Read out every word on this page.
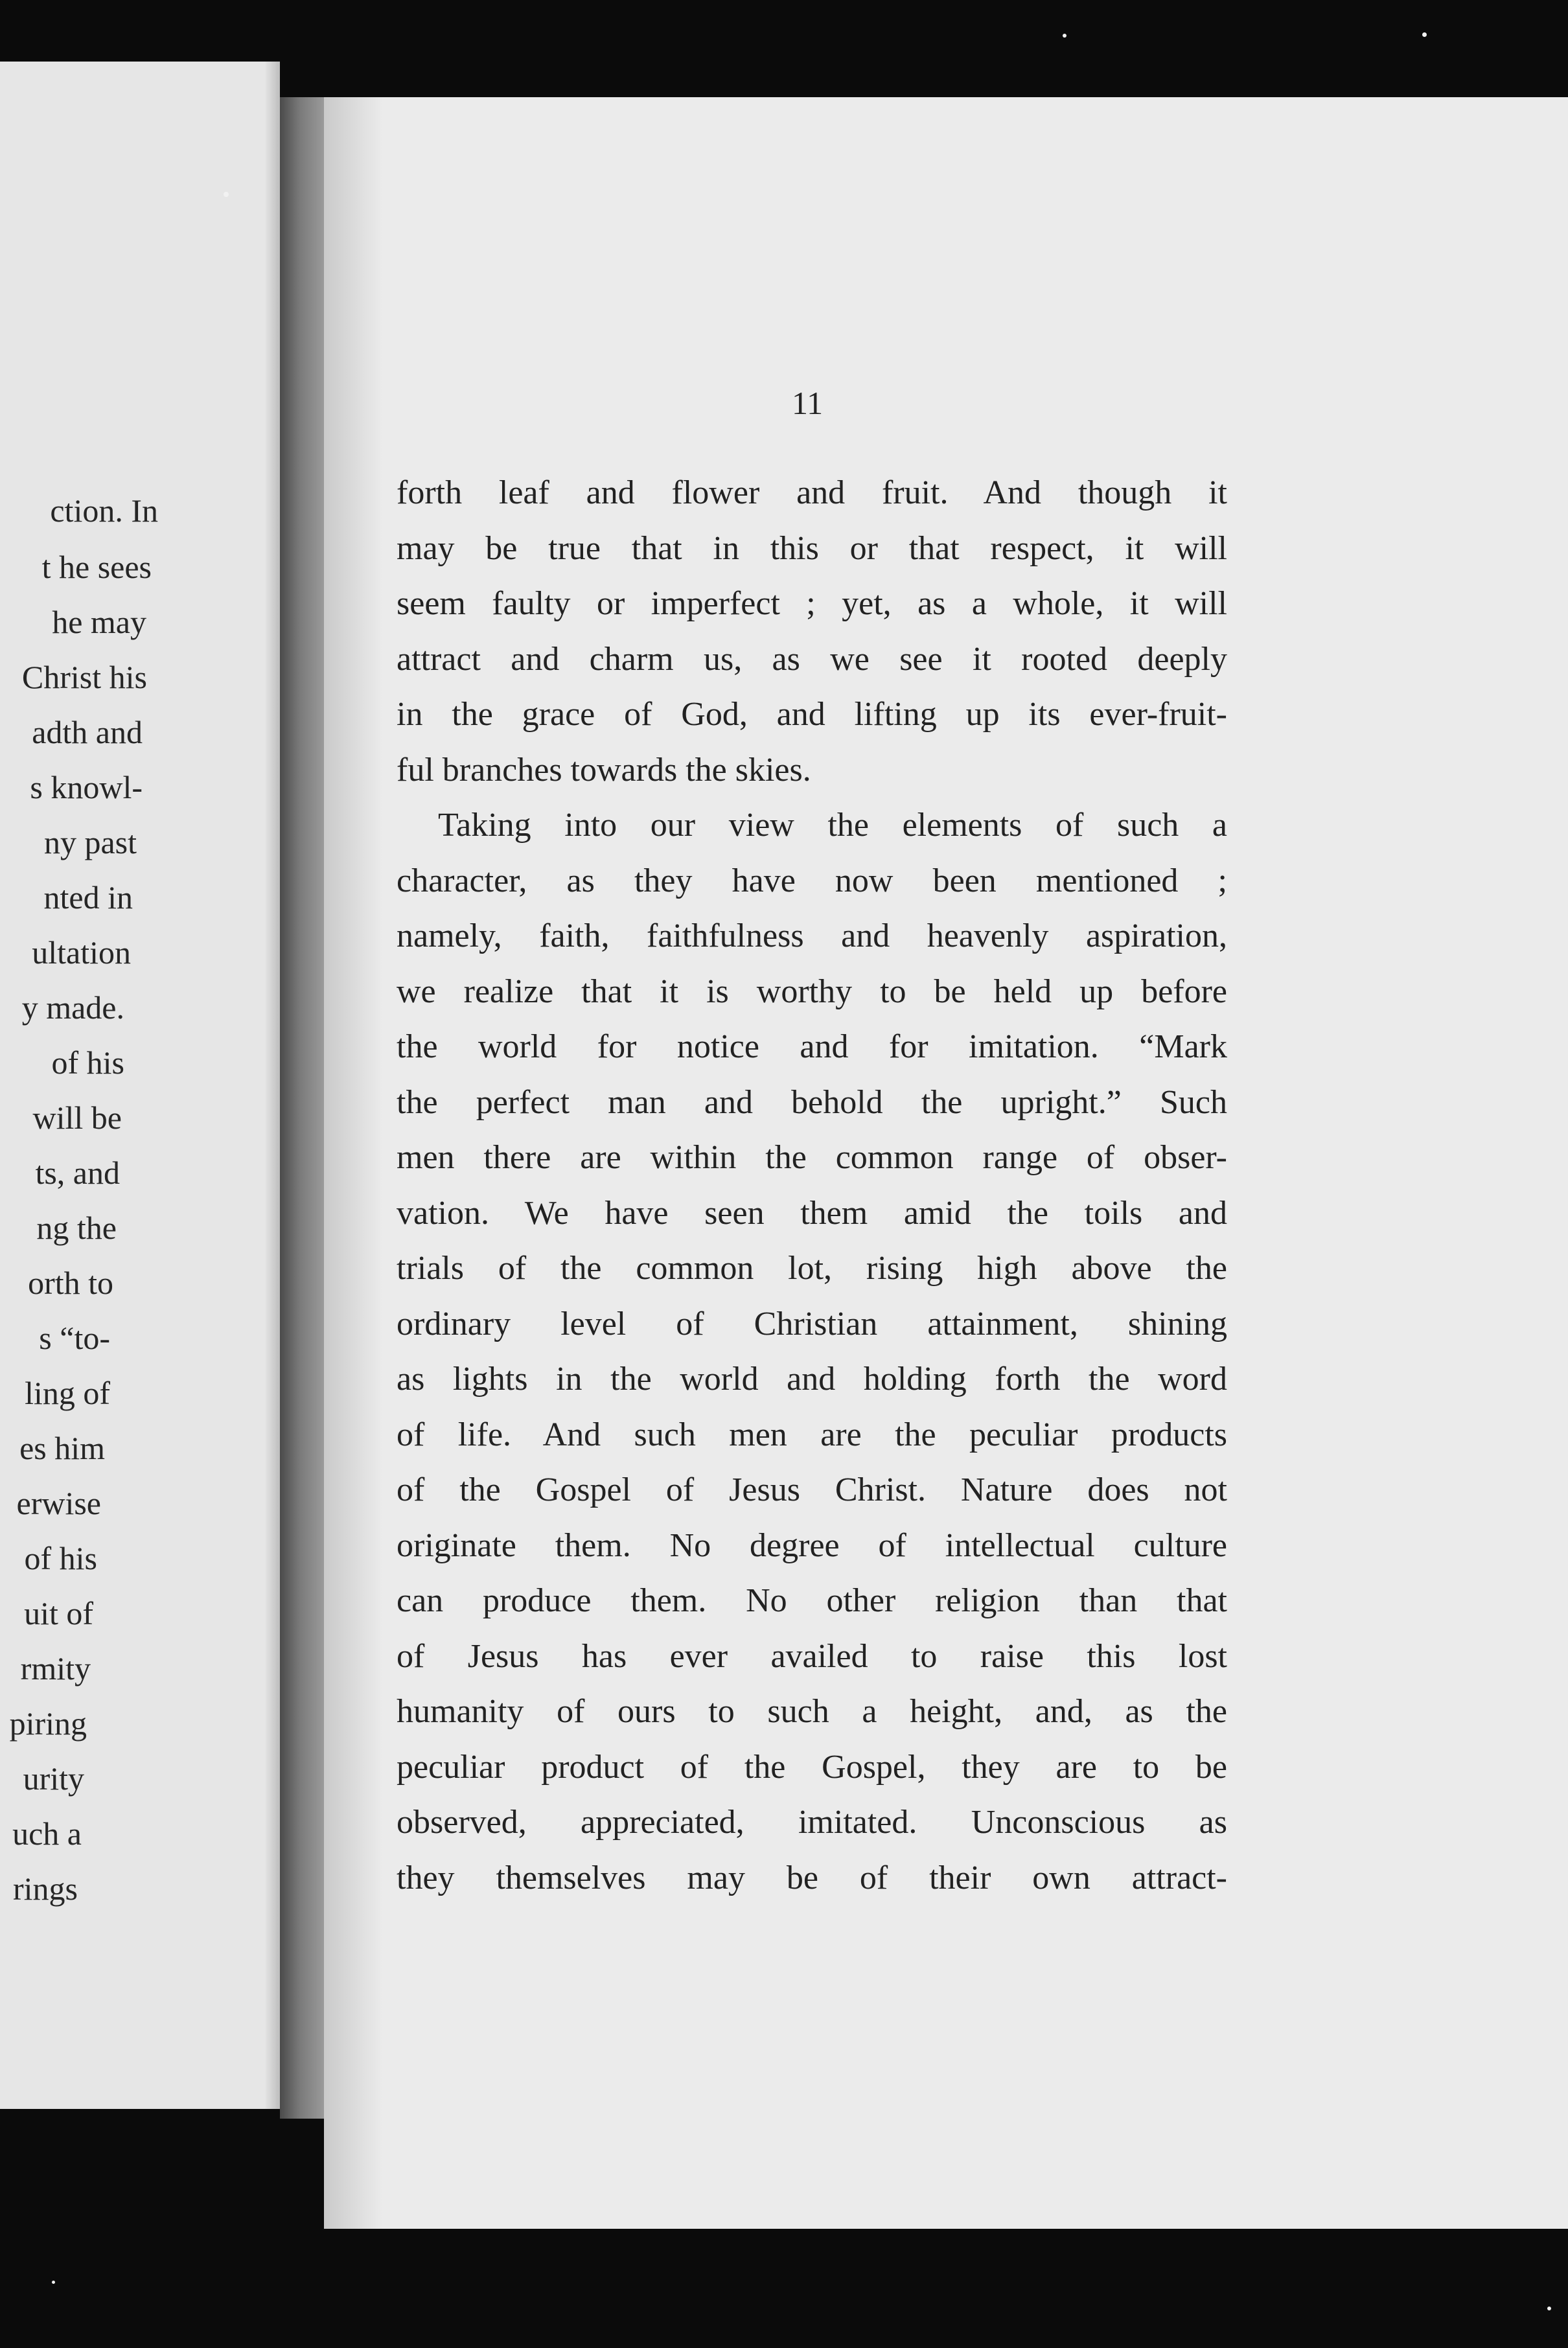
ction. In
t he sees
he may
Christ his
adth and
s knowl-
ny past
nted in
ultation
y made.
of his
will be
ts, and
ng the
orth to
s “to-
ling of
es him
erwise
of his
uit of
rmity
piring
urity
uch a
rings
11
forth leaf and flower and fruit. And though it
may be true that in this or that respect, it will
seem faulty or imperfect ; yet, as a whole, it will
attract and charm us, as we see it rooted deeply
in the grace of God, and lifting up its ever-fruit-
ful branches towards the skies.
Taking into our view the elements of such a
character, as they have now been mentioned ;
namely, faith, faithfulness and heavenly aspiration,
we realize that it is worthy to be held up before
the world for notice and for imitation. “Mark
the perfect man and behold the upright.” Such
men there are within the common range of obser-
vation. We have seen them amid the toils and
trials of the common lot, rising high above the
ordinary level of Christian attainment, shining
as lights in the world and holding forth the word
of life. And such men are the peculiar products
of the Gospel of Jesus Christ. Nature does not
originate them. No degree of intellectual culture
can produce them. No other religion than that
of Jesus has ever availed to raise this lost
humanity of ours to such a height, and, as the
peculiar product of the Gospel, they are to be
observed, appreciated, imitated. Unconscious as
they themselves may be of their own attract-
